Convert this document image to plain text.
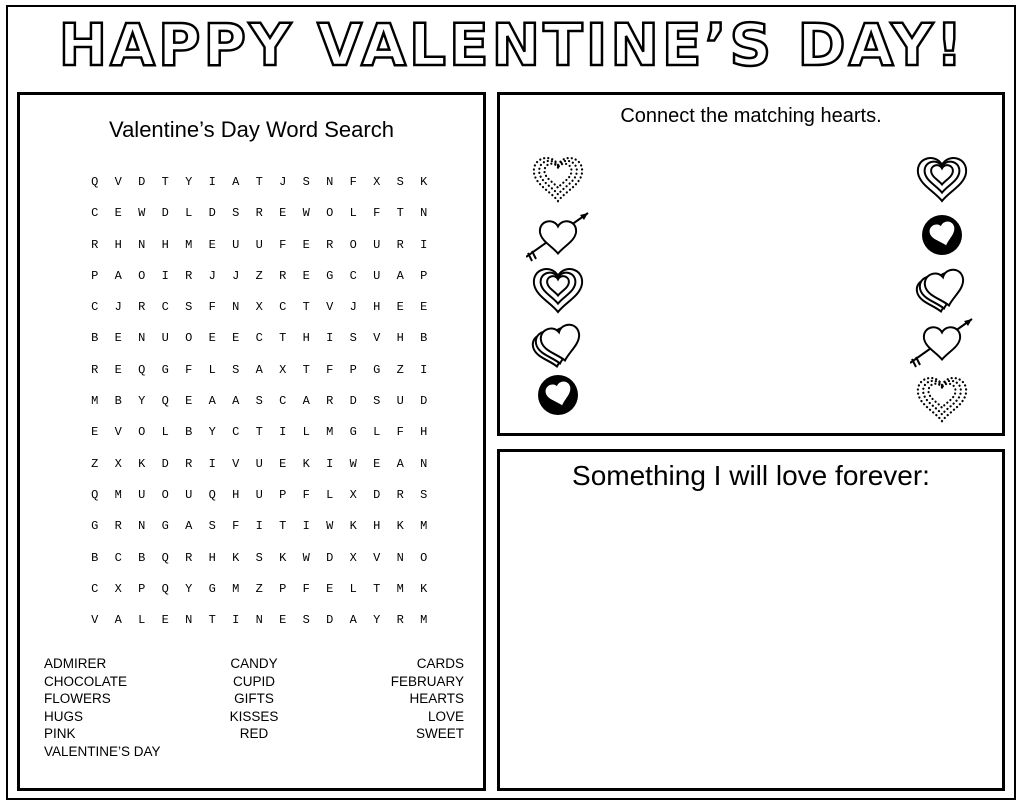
HAPPY VALENTINE’S DAY!
Valentine’s Day Word Search
Q	V	D	T	Y	I	A	T	J	S	N	F	X	S	K
C	E	W	D	L	D	S	R	E	W	O	L	F	T	N
R	H	N	H	M	E	U	U	F	E	R	O	U	R	I
P	A	O	I	R	J	J	Z	R	E	G	C	U	A	P
C	J	R	C	S	F	N	X	C	T	V	J	H	E	E
B	E	N	U	O	E	E	C	T	H	I	S	V	H	B
R	E	Q	G	F	L	S	A	X	T	F	P	G	Z	I
M	B	Y	Q	E	A	A	S	C	A	R	D	S	U	D
E	V	O	L	B	Y	C	T	I	L	M	G	L	F	H
Z	X	K	D	R	I	V	U	E	K	I	W	E	A	N
Q	M	U	O	U	Q	H	U	P	F	L	X	D	R	S
G	R	N	G	A	S	F	I	T	I	W	K	H	K	M
B	C	B	Q	R	H	K	S	K	W	D	X	V	N	O
C	X	P	Q	Y	G	M	Z	P	F	E	L	T	M	K
V	A	L	E	N	T	I	N	E	S	D	A	Y	R	M
ADMIRER
CHOCOLATE
FLOWERS
HUGS
PINK
VALENTINE’S DAY
CANDY
CUPID
GIFTS
KISSES
RED
CARDS
FEBRUARY
HEARTS
LOVE
SWEET
Connect the matching hearts.
Something I will love forever:
